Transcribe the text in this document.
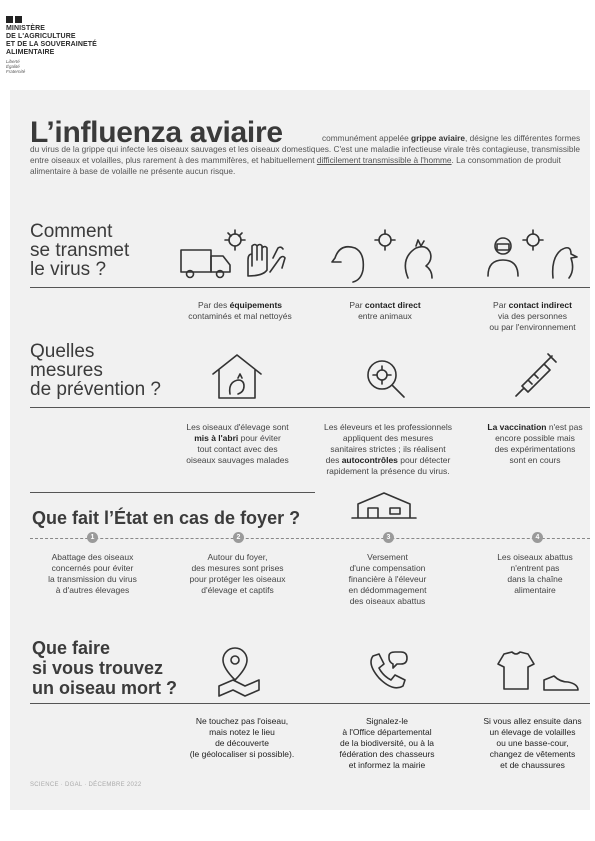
MINISTÈRE
DE L'AGRICULTURE
ET DE LA SOUVERAINETÉ
ALIMENTAIRE
Liberté
Égalité
Fraternité
L’influenza aviaire	communément appelée grippe aviaire, désigne les différentes formes du virus de la grippe qui infecte les oiseaux sauvages et les oiseaux domestiques. C'est une maladie infectieuse virale très contagieuse, transmissible entre oiseaux et volailles, plus rarement à des mammifères, et habituellement difficilement transmissible à l'homme. La consommation de produit alimentaire à base de volaille ne présente aucun risque.
Comment
se transmet
le virus ?
Par des équipements
contaminés et mal nettoyés
Par contact direct
entre animaux
Par contact indirect
via des personnes
ou par l'environnement
Quelles
mesures
de prévention ?
Les oiseaux d'élevage sont
mis à l'abri pour éviter
tout contact avec des
oiseaux sauvages malades
Les éleveurs et les professionnels
appliquent des mesures
sanitaires strictes ; ils réalisent
des autocontrôles pour détecter
rapidement la présence du virus.
La vaccination n'est pas
encore possible mais
des expérimentations
sont en cours
Que fait l’État en cas de foyer ?
1	2	3	4
Abattage des oiseaux
concernés pour éviter
la transmission du virus
à d'autres élevages
Autour du foyer,
des mesures sont prises
pour protéger les oiseaux
d'élevage et captifs
Versement
d'une compensation
financière à l'éleveur
en dédommagement
des oiseaux abattus
Les oiseaux abattus
n'entrent pas
dans la chaîne
alimentaire
Que faire
si vous trouvez
un oiseau mort ?
Ne touchez pas l'oiseau,
mais notez le lieu
de découverte
(le géolocaliser si possible).
Signalez-le
à l'Office départemental
de la biodiversité, ou à la
fédération des chasseurs
et informez la mairie
Si vous allez ensuite dans
un élevage de volailles
ou une basse-cour,
changez de vêtements
et de chaussures
SCIENCE · DGAL · DÉCEMBRE 2022
